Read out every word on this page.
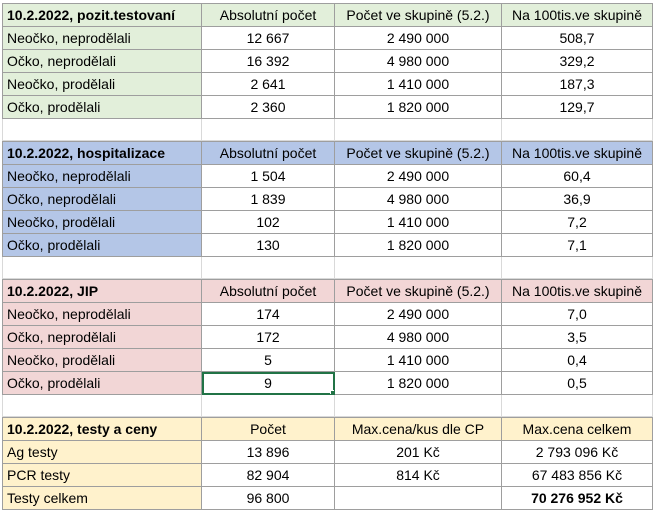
10.2.2022, pozit.testovaní	Absolutní počet	Počet ve skupině (5.2.)	Na 100tis.ve skupině
Neočko, neprodělali	12 667	2 490 000	508,7
Očko, neprodělali	16 392	4 980 000	329,2
Neočko, prodělali	2 641	1 410 000	187,3
Očko, prodělali	2 360	1 820 000	129,7

10.2.2022, hospitalizace	Absolutní počet	Počet ve skupině (5.2.)	Na 100tis.ve skupině
Neočko, neprodělali	1 504	2 490 000	60,4
Očko, neprodělali	1 839	4 980 000	36,9
Neočko, prodělali	102	1 410 000	7,2
Očko, prodělali	130	1 820 000	7,1

10.2.2022, JIP	Absolutní počet	Počet ve skupině (5.2.)	Na 100tis.ve skupině
Neočko, neprodělali	174	2 490 000	7,0
Očko, neprodělali	172	4 980 000	3,5
Neočko, prodělali	5	1 410 000	0,4
Očko, prodělali	9	1 820 000	0,5

10.2.2022, testy a ceny	Počet	Max.cena/kus dle CP	Max.cena celkem
Ag testy	13 896	201 Kč	2 793 096 Kč
PCR testy	82 904	814 Kč	67 483 856 Kč
Testy celkem	96 800		70 276 952 Kč
